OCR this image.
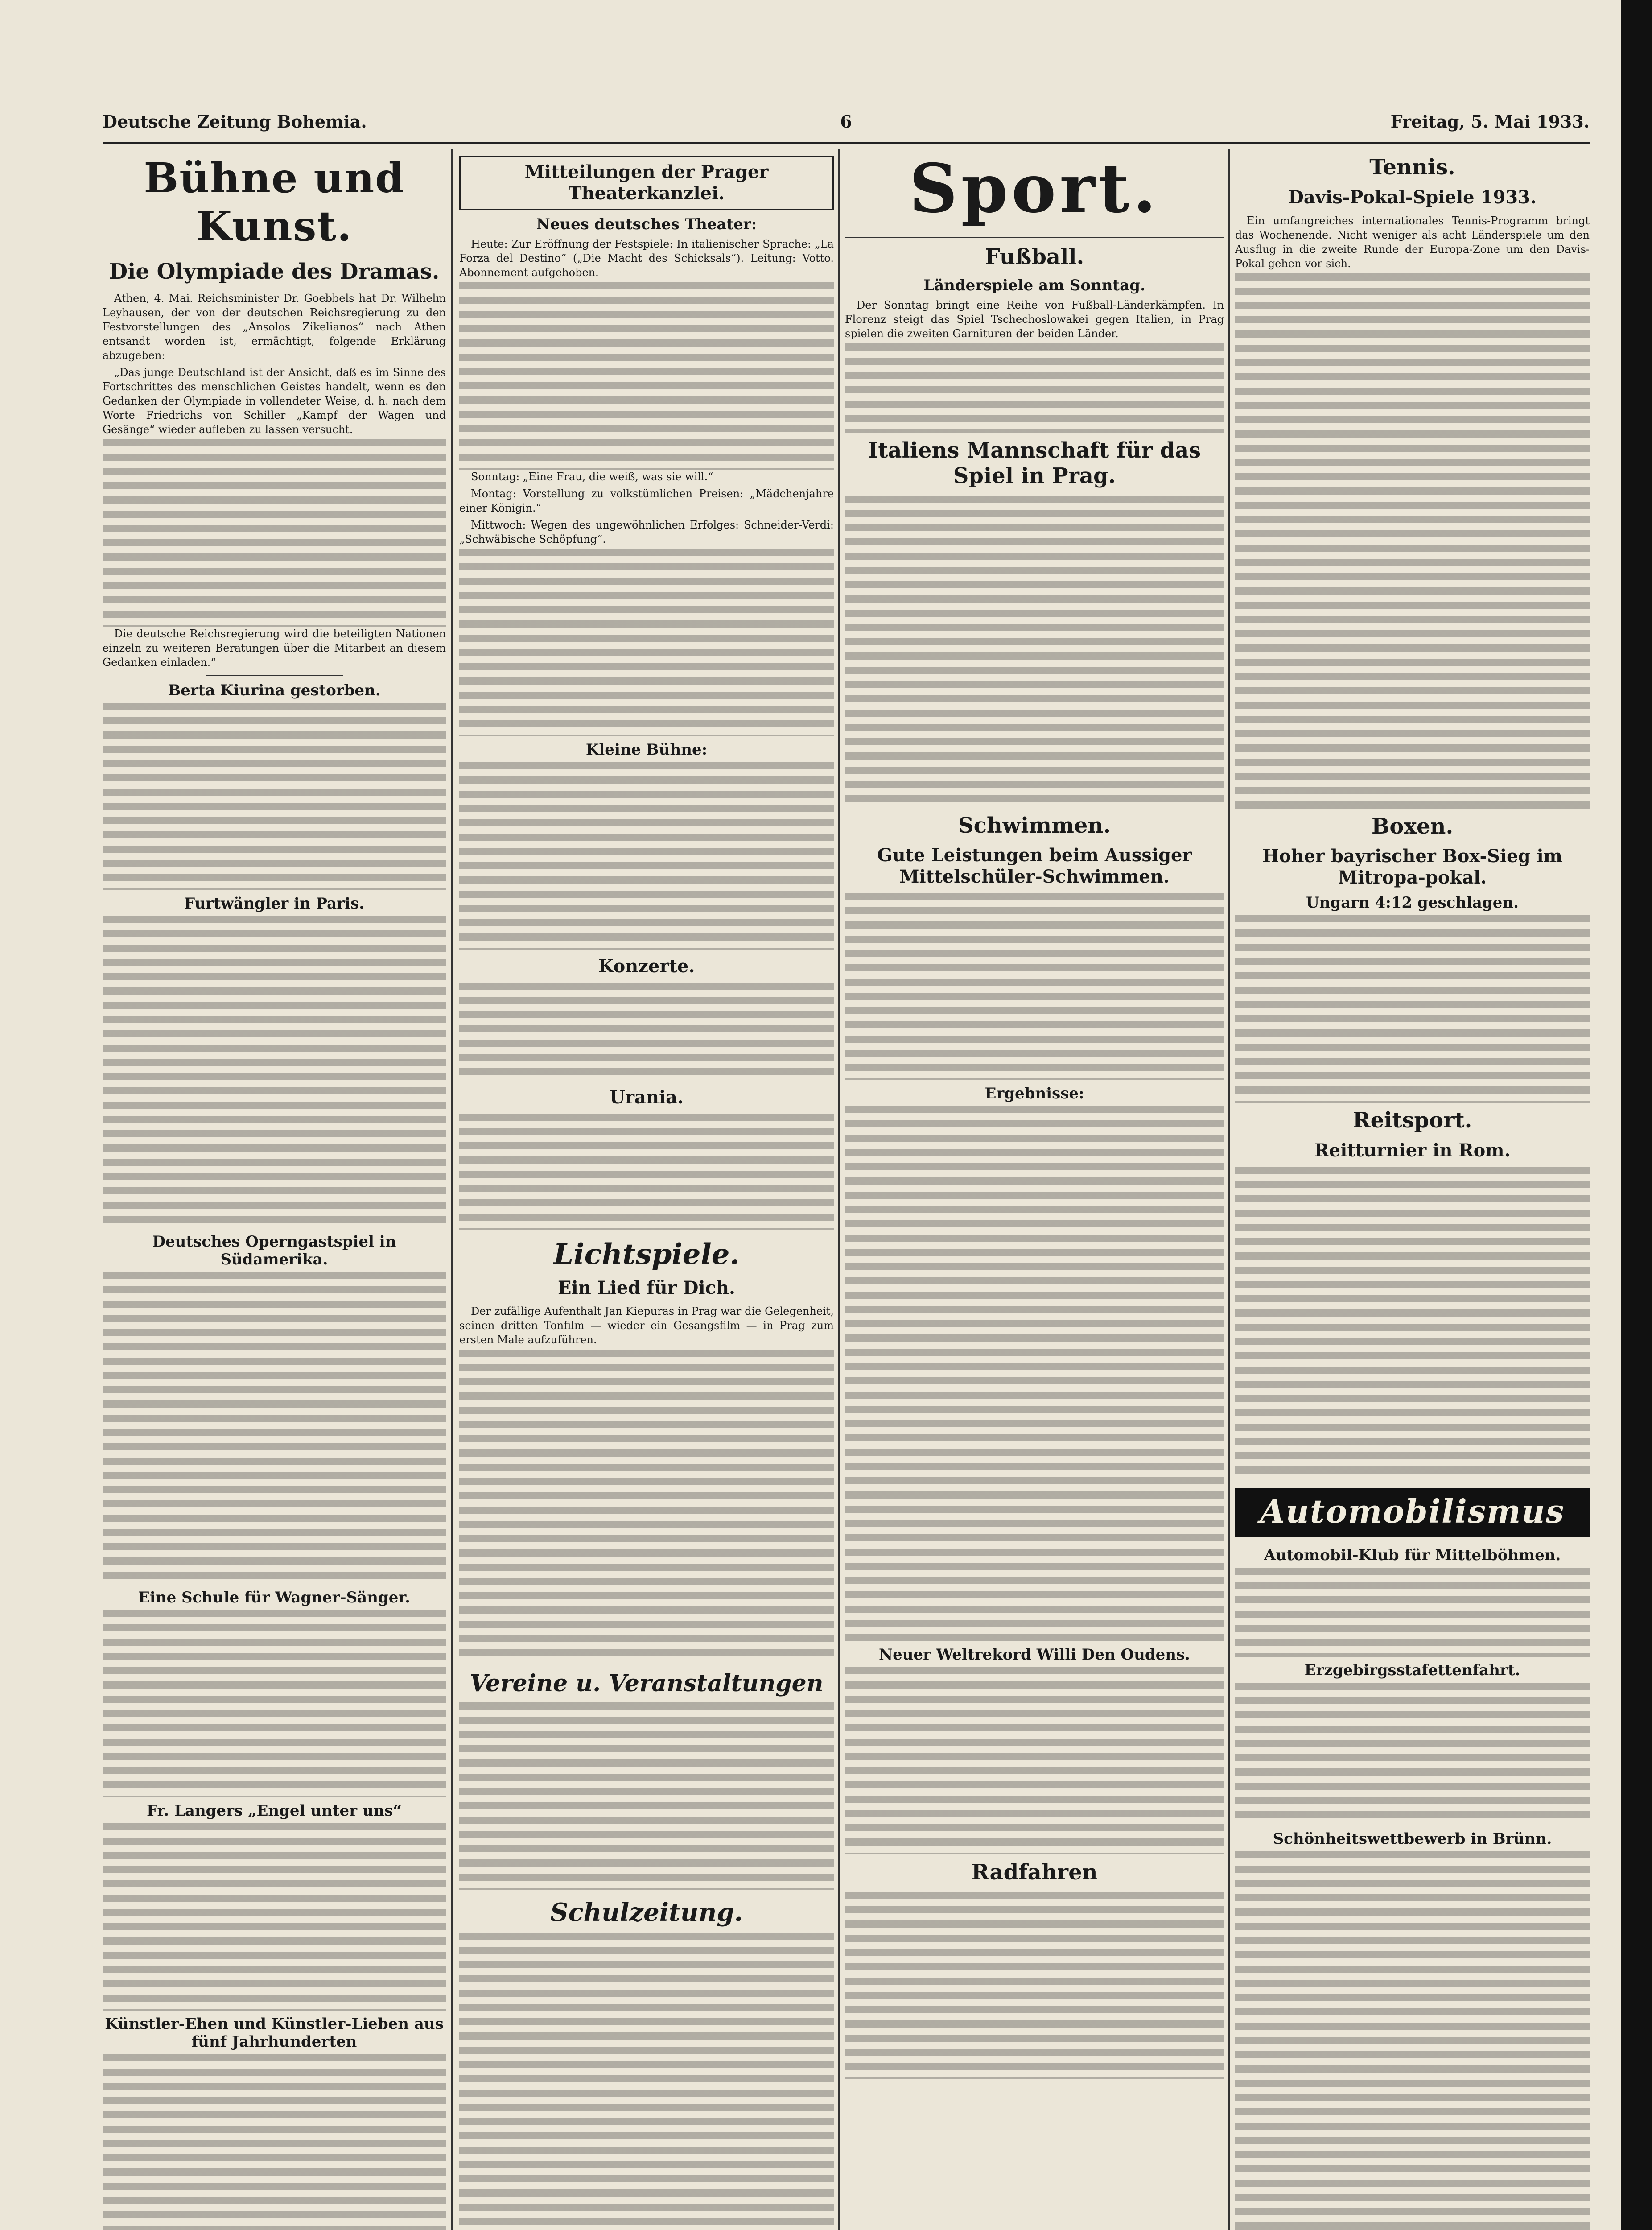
Deutsche Zeitung Bohemia.	6	Freitag, 5. Mai 1933.
Bühne und Kunst.
Die Olympiade des Dramas.

Athen, 4. Mai. Reichsminister Dr. Goebbels hat Dr. Wilhelm Leyhausen, der von der deutschen Reichsregierung zu den Festvorstellungen des „Ansolos Zikelianos“ nach Athen entsandt worden ist, ermächtigt, folgende Erklärung abzugeben:

„Das junge Deutschland ist der Ansicht, daß es im Sinne des Fortschrittes des menschlichen Geistes handelt, wenn es den Gedanken der Olympiade in vollendeter Weise, d. h. nach dem Worte Friedrichs von Schiller „Kampf der Wagen und Gesänge“ wieder aufleben zu lassen versucht.

Die deutsche Reichsregierung wird die beteiligten Nationen einzeln zu weiteren Beratungen über die Mitarbeit an diesem Gedanken einladen.“

Berta Kiurina gestorben.
Furtwängler in Paris.
Deutsches Operngastspiel in Südamerika.
Eine Schule für Wagner-Sänger.
Fr. Langers „Engel unter uns“
Künstler-Ehen und Künstler-Lieben aus fünf Jahrhunderten
Mitteilungen der Prager Theaterkanzlei.
Neues deutsches Theater:

Heute: Zur Eröffnung der Festspiele: In italienischer Sprache: „La Forza del Destino“ („Die Macht des Schicksals“). Leitung: Votto. Abonnement aufgehoben.

Sonntag: „Eine Frau, die weiß, was sie will.“

Montag: Vorstellung zu volkstümlichen Preisen: „Mädchenjahre einer Königin.“

Mittwoch: Wegen des ungewöhnlichen Erfolges: Schneider-Verdi: „Schwäbische Schöpfung“.

Kleine Bühne:
Konzerte.
Urania.
Lichtspiele.
Ein Lied für Dich.

Der zufällige Aufenthalt Jan Kiepuras in Prag war die Gelegenheit, seinen dritten Tonfilm — wieder ein Gesangsfilm — in Prag zum ersten Male aufzuführen.

Vereine u. Veranstaltungen
Schulzeitung.
Sport.
Fußball.
Länderspiele am Sonntag.

Der Sonntag bringt eine Reihe von Fußball-Länderkämpfen. In Florenz steigt das Spiel Tschechoslowakei gegen Italien, in Prag spielen die zweiten Garnituren der beiden Länder.

Italiens Mannschaft für das Spiel in Prag.
Schwimmen.
Gute Leistungen beim Aussiger Mittelschüler-Schwimmen.
Ergebnisse:
Neuer Weltrekord Willi Den Oudens.
Radfahren
Tennis.
Davis-Pokal-Spiele 1933.

Ein umfangreiches internationales Tennis-Programm bringt das Wochenende. Nicht weniger als acht Länderspiele um den Ausflug in die zweite Runde der Europa-Zone um den Davis-Pokal gehen vor sich.

Boxen.
Hoher bayrischer Box-Sieg im Mitropa-pokal.
Ungarn 4:12 geschlagen.
Reitsport.
Reitturnier in Rom.
Automobilismus
Automobil-Klub für Mittelböhmen.
Erzgebirgsstafettenfahrt.
Schönheitswettbewerb in Brünn.
